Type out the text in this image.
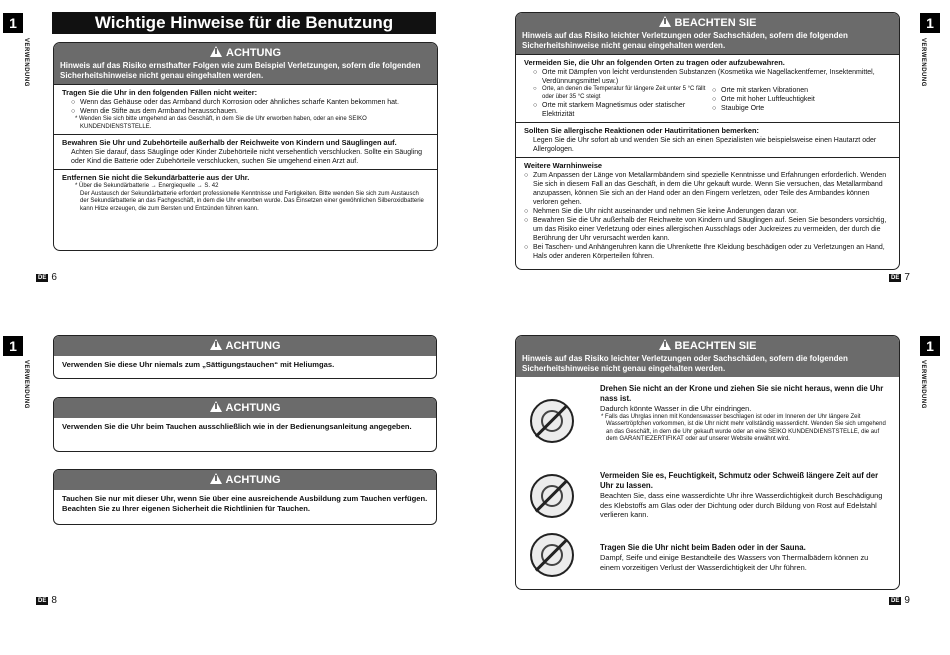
1
VERWENDUNG
Wichtige Hinweise für die Benutzung
ACHTUNG
Hinweis auf das Risiko ernsthafter Folgen wie zum Beispiel Verletzungen, sofern die folgenden Sicherheitshinweise nicht genau eingehalten werden.
Tragen Sie die Uhr in den folgenden Fällen nicht weiter:
○ Wenn das Gehäuse oder das Armband durch Korrosion oder ähnliches scharfe Kanten bekommen hat.
○ Wenn die Stifte aus dem Armband herausschauen.
* Wenden Sie sich bitte umgehend an das Geschäft, in dem Sie die Uhr erworben haben, oder an eine SEIKO KUNDENDIENSTSTELLE.
Bewahren Sie Uhr und Zubehörteile außerhalb der Reichweite von Kindern und Säuglingen auf.
Achten Sie darauf, dass Säuglinge oder Kinder Zubehörteile nicht versehentlich verschlucken. Sollte ein Säugling oder Kind die Batterie oder Zubehörteile verschlucken, suchen Sie umgehend einen Arzt auf.
Entfernen Sie nicht die Sekundärbatterie aus der Uhr.
* Über die Sekundärbatterie → Energiequelle → S. 42
Der Austausch der Sekundärbatterie erfordert professionelle Kenntnisse und Fertigkeiten. Bitte wenden Sie sich zum Austausch der Sekundärbatterie an das Fachgeschäft, in dem die Uhr erworben wurde. Das Einsetzen einer gewöhnlichen Silberoxidbatterie kann Hitze erzeugen, die zum Bersten und Entzünden führen kann.
DE 6
1
VERWENDUNG
BEACHTEN SIE
Hinweis auf das Risiko leichter Verletzungen oder Sachschäden, sofern die folgenden Sicherheitshinweise nicht genau eingehalten werden.
Vermeiden Sie, die Uhr an folgenden Orten zu tragen oder aufzubewahren.
○ Orte mit Dämpfen von leicht verdunstenden Substanzen (Kosmetika wie Nagellackentferner, Insektenmittel, Verdünnungsmittel usw.)
○ Orte, an denen die Temperatur für längere Zeit unter 5 °C fällt oder über 35 °C steigt
○ Orte mit starkem Magnetismus oder statischer Elektrizität
○ Orte mit starken Vibrationen
○ Orte mit hoher Luftfeuchtigkeit
○ Staubige Orte
Sollten Sie allergische Reaktionen oder Hautirritationen bemerken:
Legen Sie die Uhr sofort ab und wenden Sie sich an einen Spezialisten wie beispielsweise einen Hautarzt oder Allergologen.
Weitere Warnhinweise
○ Zum Anpassen der Länge von Metallarmbändern sind spezielle Kenntnisse und Erfahrungen erforderlich. Wenden Sie sich in diesem Fall an das Geschäft, in dem die Uhr gekauft wurde. Wenn Sie versuchen, das Metallarmband anzupassen, können Sie sich an der Hand oder an den Fingern verletzen, oder Teile des Armbandes können verloren gehen.
○ Nehmen Sie die Uhr nicht auseinander und nehmen Sie keine Änderungen daran vor.
○ Bewahren Sie die Uhr außerhalb der Reichweite von Kindern und Säuglingen auf. Seien Sie besonders vorsichtig, um das Risiko einer Verletzung oder eines allergischen Ausschlags oder Juckreizes zu vermeiden, der durch die Berührung der Uhr verursacht werden kann.
○ Bei Taschen- und Anhängeruhren kann die Uhrenkette Ihre Kleidung beschädigen oder zu Verletzungen an Hand, Hals oder anderen Körperteilen führen.
DE 7
1
VERWENDUNG
ACHTUNG
Verwenden Sie diese Uhr niemals zum „Sättigungstauchen“ mit Heliumgas.
ACHTUNG
Verwenden Sie die Uhr beim Tauchen ausschließlich wie in der Bedienungsanleitung angegeben.
ACHTUNG
Tauchen Sie nur mit dieser Uhr, wenn Sie über eine ausreichende Ausbildung zum Tauchen verfügen. Beachten Sie zu Ihrer eigenen Sicherheit die Richtlinien für Tauchen.
DE 8
1
VERWENDUNG
BEACHTEN SIE
Hinweis auf das Risiko leichter Verletzungen oder Sachschäden, sofern die folgenden Sicherheitshinweise nicht genau eingehalten werden.
Drehen Sie nicht an der Krone und ziehen Sie sie nicht heraus, wenn die Uhr nass ist.
Dadurch könnte Wasser in die Uhr eindringen.
* Falls das Uhrglas innen mit Kondenswasser beschlagen ist oder im Inneren der Uhr längere Zeit Wassertröpfchen vorkommen, ist die Uhr nicht mehr vollständig wasserdicht. Wenden Sie sich umgehend an das Geschäft, in dem die Uhr gekauft wurde oder an eine SEIKO KUNDENDIENSTSTELLE, die auf dem GARANTIEZERTIFIKAT oder auf unserer Website erwähnt wird.
Vermeiden Sie es, Feuchtigkeit, Schmutz oder Schweiß längere Zeit auf der Uhr zu lassen.
Beachten Sie, dass eine wasserdichte Uhr ihre Wasserdichtigkeit durch Beschädigung des Klebstoffs am Glas oder der Dichtung oder durch Bildung von Rost auf Edelstahl verlieren kann.
Tragen Sie die Uhr nicht beim Baden oder in der Sauna.
Dampf, Seife und einige Bestandteile des Wassers von Thermalbädern können zu einem vorzeitigen Verlust der Wasserdichtigkeit der Uhr führen.
DE 9
